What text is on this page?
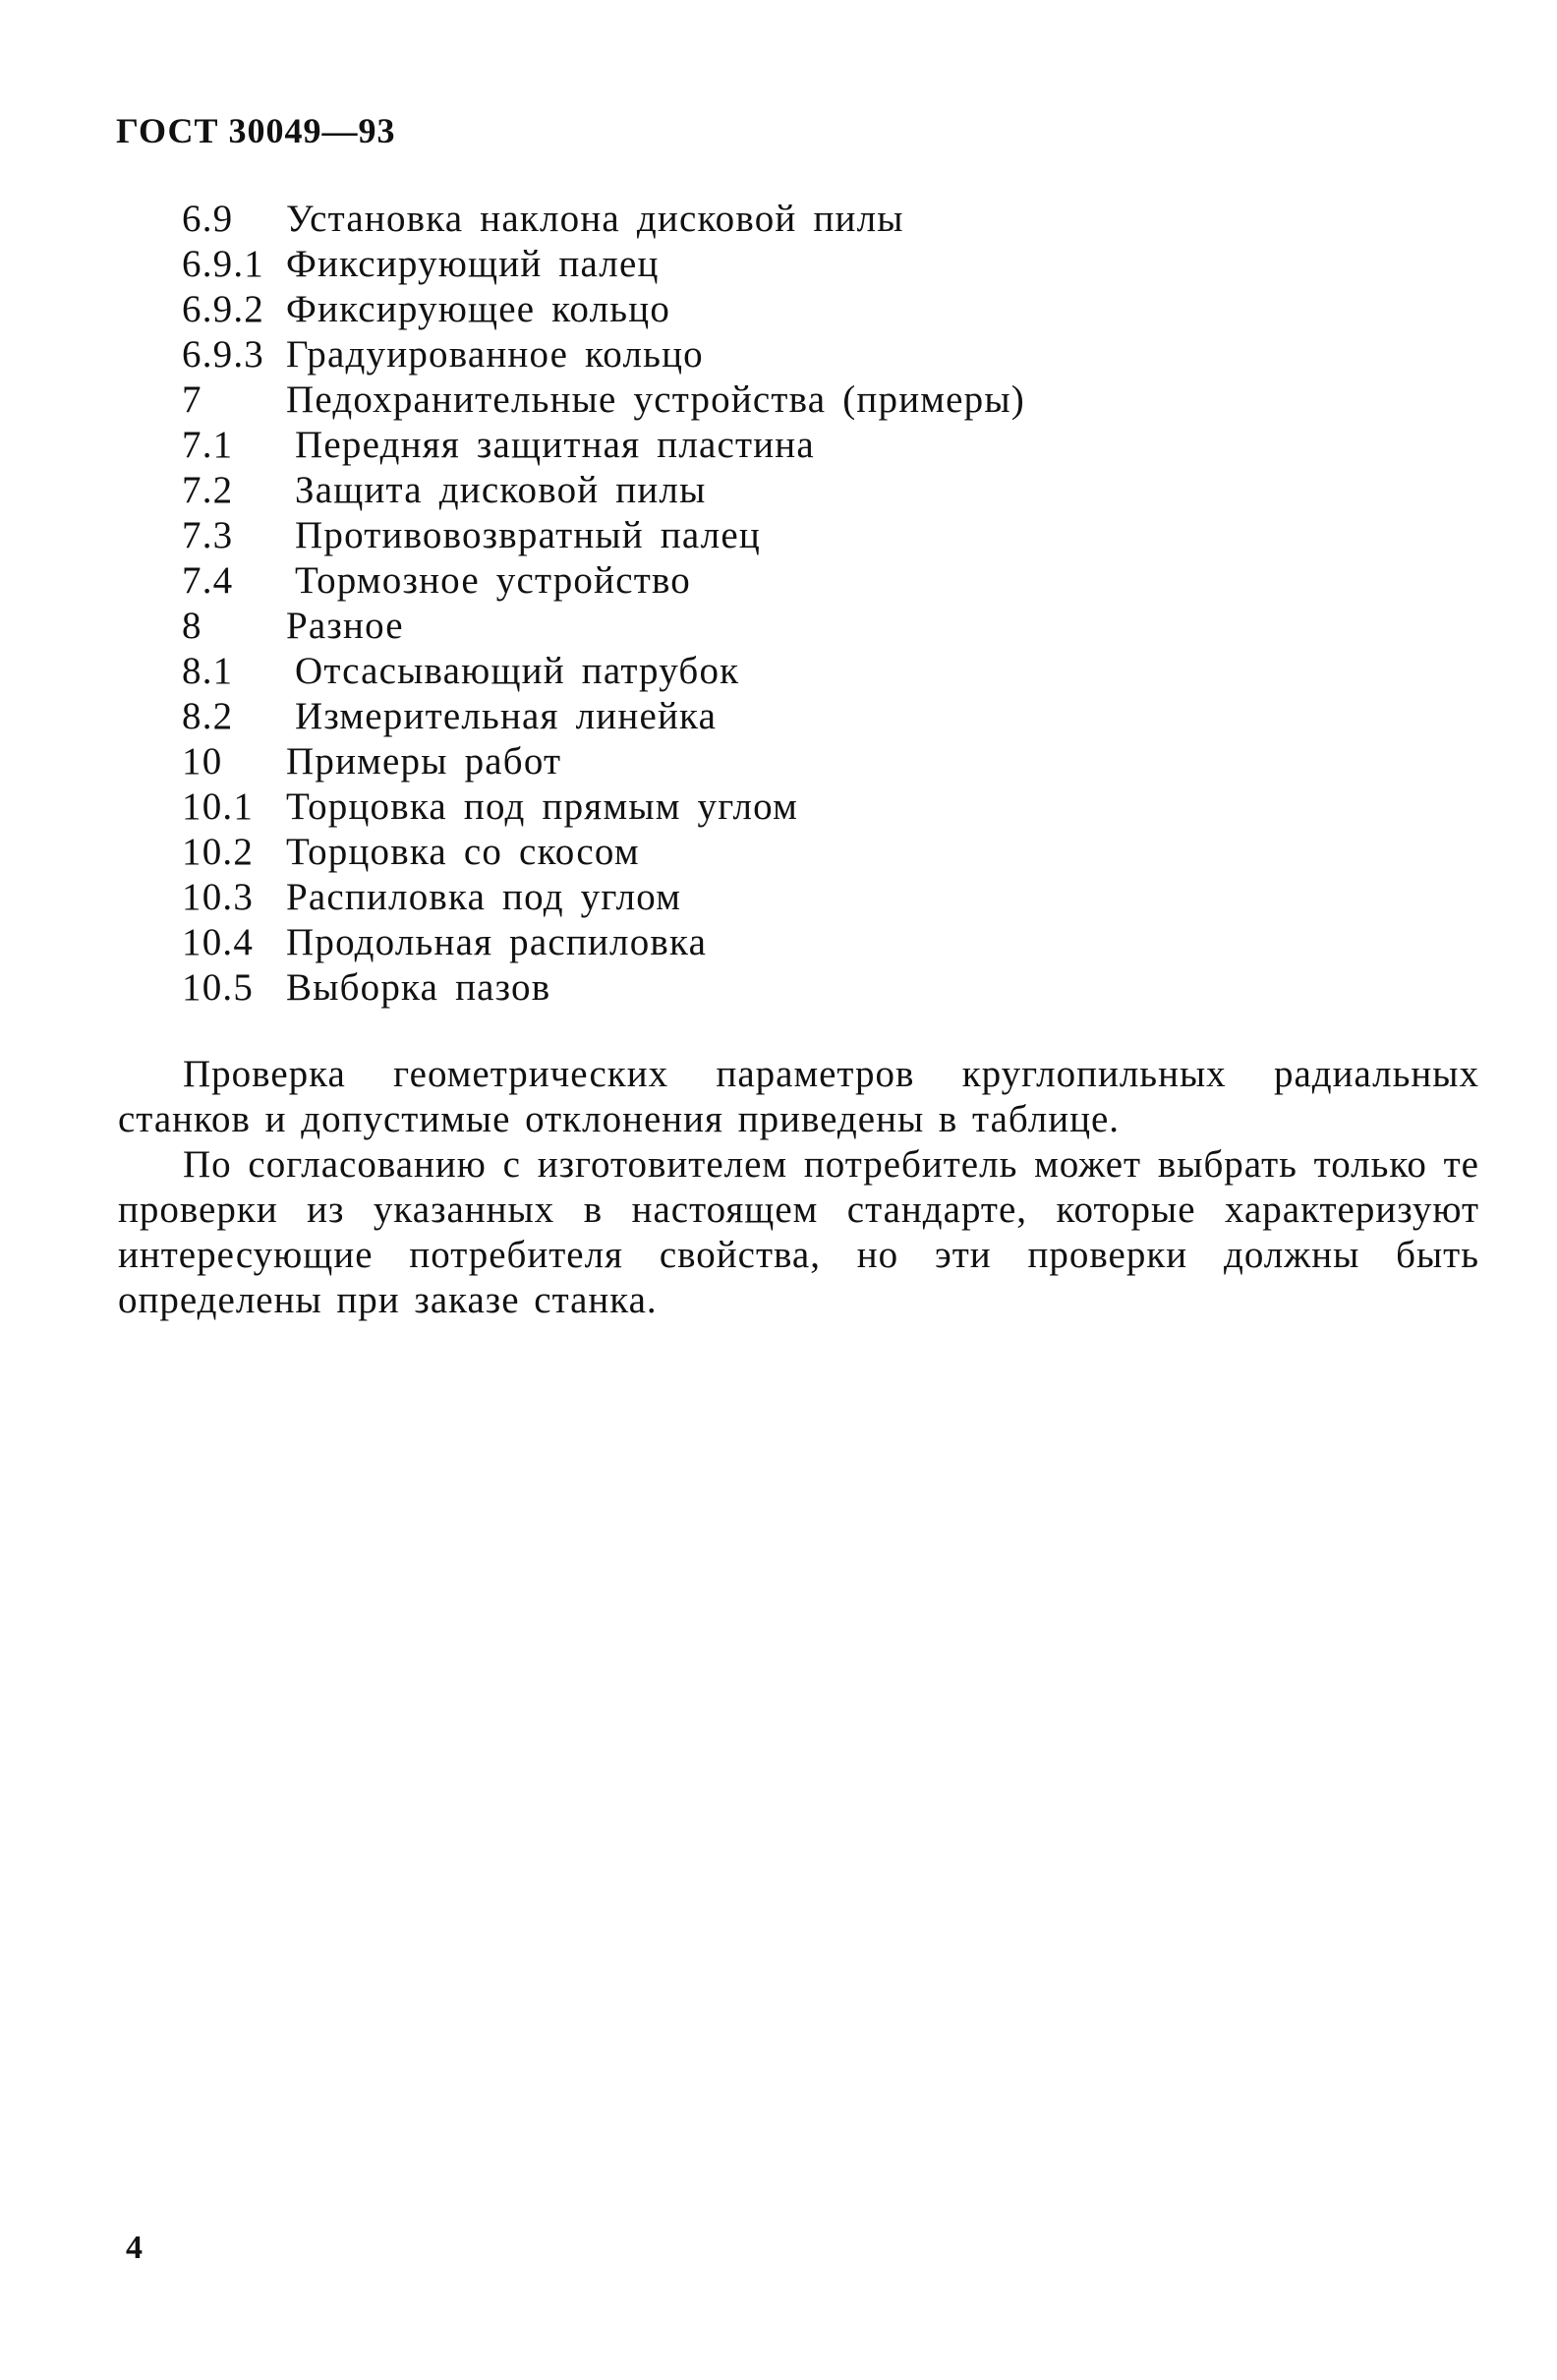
ГОСТ 30049—93
6.9	Установка наклона дисковой пилы
6.9.1 Фиксирующий палец
6.9.2 Фиксирующее кольцо
6.9.3 Градуированное кольцо
7	Педохранительные устройства (примеры)
7.1	Передняя защитная пластина
7.2	Защита дисковой пилы
7.3	Противовозвратный палец
7.4	Тормозное устройство
8	Разное
8.1	Отсасывающий патрубок
8.2	Измерительная линейка
10	Примеры работ
10.1 Торцовка под прямым углом
10.2 Торцовка со скосом
10.3 Распиловка под углом
10.4 Продольная распиловка
10.5 Выборка пазов

Проверка геометрических параметров круглопильных радиальных станков и допустимые отклонения приведены в таблице.

По согласованию с изготовителем потребитель может выбрать только те проверки из указанных в настоящем стандарте, которые характеризуют интересующие потребителя свойства, но эти проверки должны быть определены при заказе станка.

4
